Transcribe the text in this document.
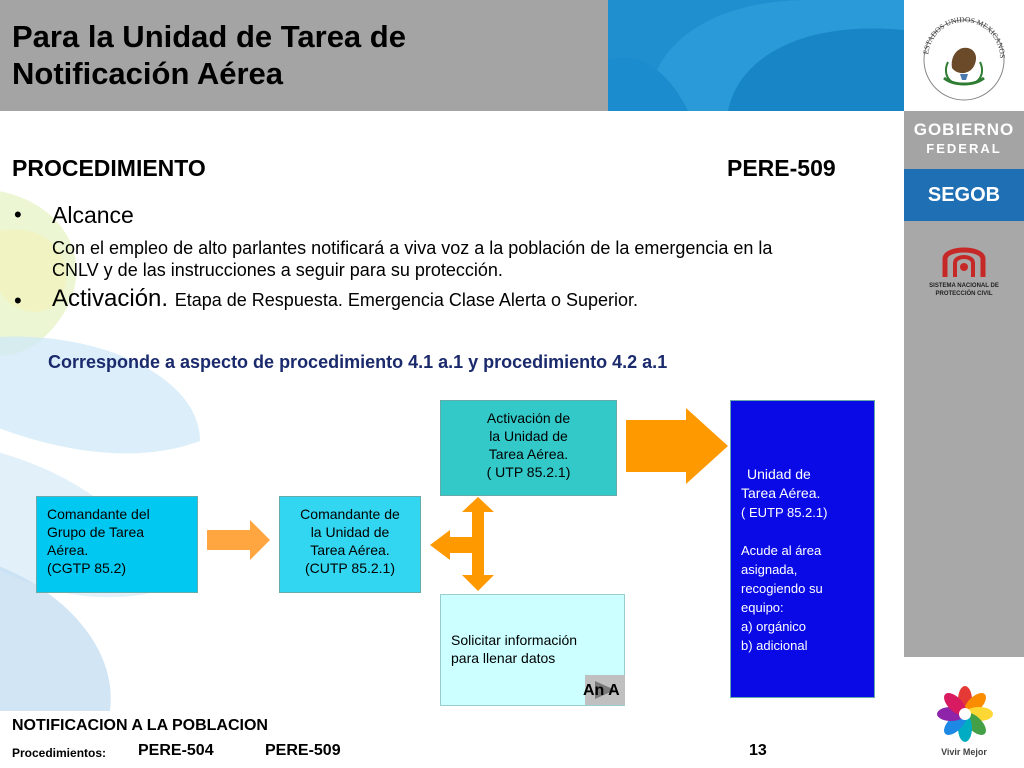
Para la Unidad de Tarea de
Notificación Aérea
ESTADOS UNIDOS MEXICANOS
GOBIERNO
FEDERAL
SEGOB
SISTEMA NACIONAL DE
PROTECCIÓN CIVIL
Vivir Mejor
PROCEDIMIENTO	PERE-509
• Alcance
Con el empleo de alto parlantes notificará a viva voz a la población de la emergencia en la CNLV y de las instrucciones a seguir para su protección.
• Activación. Etapa de Respuesta. Emergencia Clase Alerta o Superior.
Corresponde a aspecto de procedimiento 4.1 a.1 y procedimiento 4.2 a.1
Comandante del
Grupo de Tarea
Aérea.
(CGTP 85.2)
Comandante de
la Unidad de
Tarea Aérea.
(CUTP 85.2.1)
Activación de
la Unidad de
Tarea Aérea.
( UTP 85.2.1)
Solicitar información
para llenar datos
Unidad de
Tarea Aérea.
( EUTP 85.2.1)
Acude al área
asignada,
recogiendo su
equipo:
a) orgánico
b) adicional
An A
NOTIFICACION A LA POBLACION
Procedimientos: PERE-504	PERE-509	13
